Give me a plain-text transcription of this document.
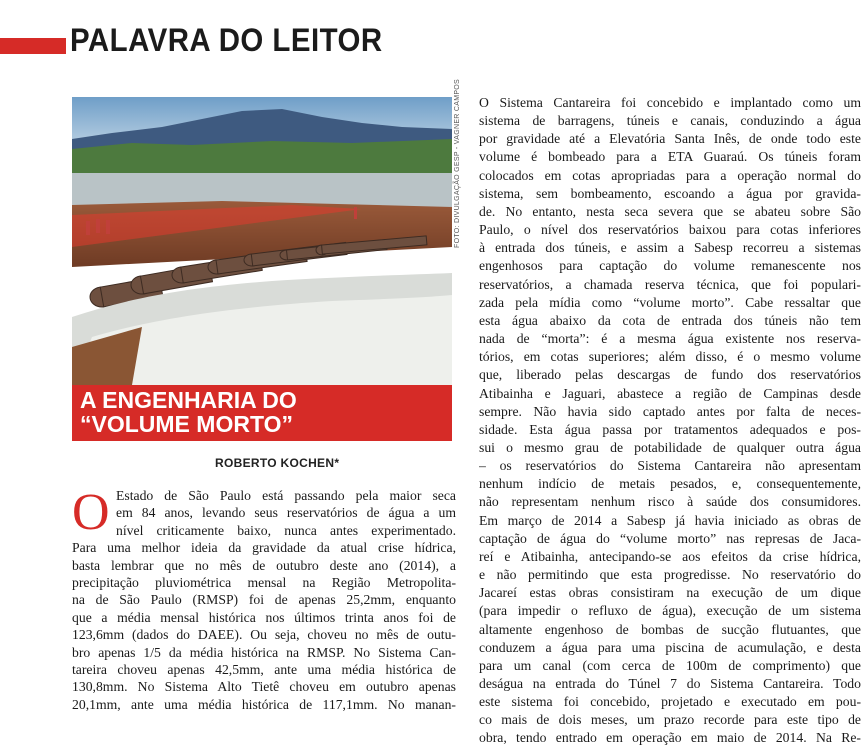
PALAVRA DO LEITOR
FOTO: DIVULGAÇÃO GESP - VAGNER CAMPOS
A ENGENHARIA DO
“VOLUME MORTO”
ROBERTO KOCHEN*
O Estado de São Paulo está passando pela maior seca
em 84 anos, levando seus reservatórios de água a um
nível criticamente baixo, nunca antes experimentado.
Para uma melhor ideia da gravidade da atual crise hídrica,
basta lembrar que no mês de outubro deste ano (2014), a
precipitação pluviométrica mensal na Região Metropolita-
na de São Paulo (RMSP) foi de apenas 25,2mm, enquanto
que a média mensal histórica nos últimos trinta anos foi de
123,6mm (dados do DAEE). Ou seja, choveu no mês de outu-
bro apenas 1/5 da média histórica na RMSP. No Sistema Can-
tareira choveu apenas 42,5mm, ante uma média histórica de
130,8mm. No Sistema Alto Tietê choveu em outubro apenas
20,1mm, ante uma média histórica de 117,1mm. No manan-
O Sistema Cantareira foi concebido e implantado como um
sistema de barragens, túneis e canais, conduzindo a água
por gravidade até a Elevatória Santa Inês, de onde todo este
volume é bombeado para a ETA Guaraú. Os túneis foram
colocados em cotas apropriadas para a operação normal do
sistema, sem bombeamento, escoando a água por gravida-
de. No entanto, nesta seca severa que se abateu sobre São
Paulo, o nível dos reservatórios baixou para cotas inferiores
à entrada dos túneis, e assim a Sabesp recorreu a sistemas
engenhosos para captação do volume remanescente nos
reservatórios, a chamada reserva técnica, que foi populari-
zada pela mídia como “volume morto”. Cabe ressaltar que
esta água abaixo da cota de entrada dos túneis não tem
nada de “morta”: é a mesma água existente nos reserva-
tórios, em cotas superiores; além disso, é o mesmo volume
que, liberado pelas descargas de fundo dos reservatórios
Atibainha e Jaguari, abastece a região de Campinas desde
sempre. Não havia sido captado antes por falta de neces-
sidade. Esta água passa por tratamentos adequados e pos-
sui o mesmo grau de potabilidade de qualquer outra água
– os reservatórios do Sistema Cantareira não apresentam
nenhum indício de metais pesados, e, consequentemente,
não representam nenhum risco à saúde dos consumidores.
Em março de 2014 a Sabesp já havia iniciado as obras de
captação de água do “volume morto” nas represas de Jaca-
reí e Atibainha, antecipando-se aos efeitos da crise hídrica,
e não permitindo que esta progredisse. No reservatório do
Jacareí estas obras consistiram na execução de um dique
(para impedir o refluxo de água), execução de um sistema
altamente engenhoso de bombas de sucção flutuantes, que
conduzem a água para uma piscina de acumulação, e desta
para um canal (com cerca de 100m de comprimento) que
deságua na entrada do Túnel 7 do Sistema Cantareira. Todo
este sistema foi concebido, projetado e executado em pou-
co mais de dois meses, um prazo recorde para este tipo de
obra, tendo entrado em operação em maio de 2014. Na Re-
